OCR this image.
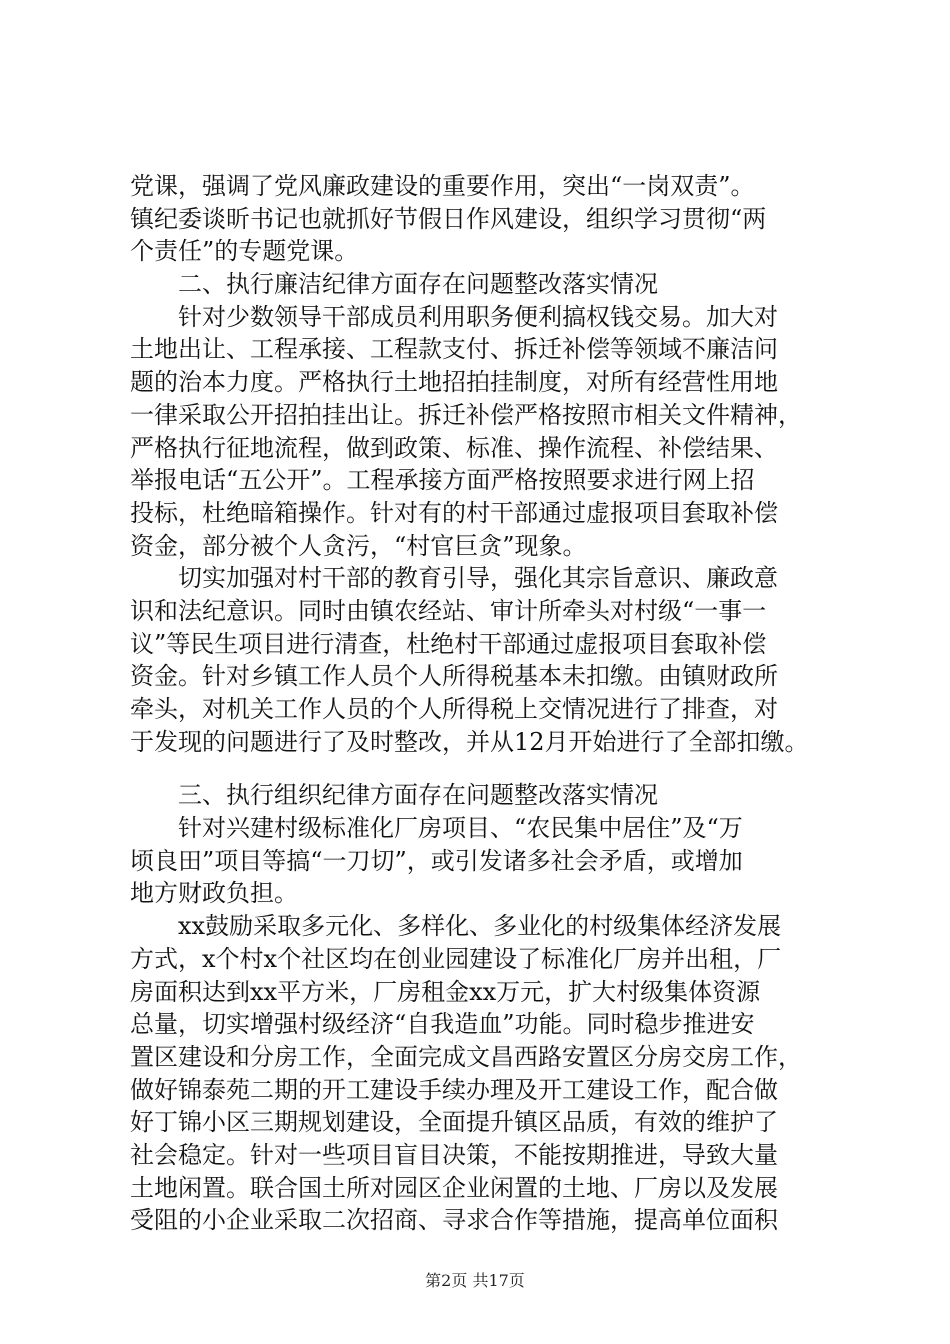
党课，强调了党风廉政建设的重要作用，突出“一岗双责”。
镇纪委谈昕书记也就抓好节假日作风建设，组织学习贯彻“两
个责任”的专题党课。
二、执行廉洁纪律方面存在问题整改落实情况
针对少数领导干部成员利用职务便利搞权钱交易。加大对
土地出让、工程承接、工程款支付、拆迁补偿等领域不廉洁问
题的治本力度。严格执行土地招拍挂制度，对所有经营性用地
一律采取公开招拍挂出让。拆迁补偿严格按照市相关文件精神，
严格执行征地流程，做到政策、标准、操作流程、补偿结果、
举报电话“五公开”。工程承接方面严格按照要求进行网上招
投标，杜绝暗箱操作。针对有的村干部通过虚报项目套取补偿
资金，部分被个人贪污，“村官巨贪”现象。
切实加强对村干部的教育引导，强化其宗旨意识、廉政意
识和法纪意识。同时由镇农经站、审计所牵头对村级“一事一
议”等民生项目进行清查，杜绝村干部通过虚报项目套取补偿
资金。针对乡镇工作人员个人所得税基本未扣缴。由镇财政所
牵头，对机关工作人员的个人所得税上交情况进行了排查，对
于发现的问题进行了及时整改，并从12月开始进行了全部扣缴。
三、执行组织纪律方面存在问题整改落实情况
针对兴建村级标准化厂房项目、“农民集中居住”及“万
顷良田”项目等搞“一刀切”，或引发诸多社会矛盾，或增加
地方财政负担。
xx鼓励采取多元化、多样化、多业化的村级集体经济发展
方式，x个村x个社区均在创业园建设了标准化厂房并出租，厂
房面积达到xx平方米，厂房租金xx万元，扩大村级集体资源
总量，切实增强村级经济“自我造血”功能。同时稳步推进安
置区建设和分房工作，全面完成文昌西路安置区分房交房工作，
做好锦泰苑二期的开工建设手续办理及开工建设工作，配合做
好丁锦小区三期规划建设，全面提升镇区品质，有效的维护了
社会稳定。针对一些项目盲目决策，不能按期推进，导致大量
土地闲置。联合国土所对园区企业闲置的土地、厂房以及发展
受阻的小企业采取二次招商、寻求合作等措施，提高单位面积
第2页 共17页
